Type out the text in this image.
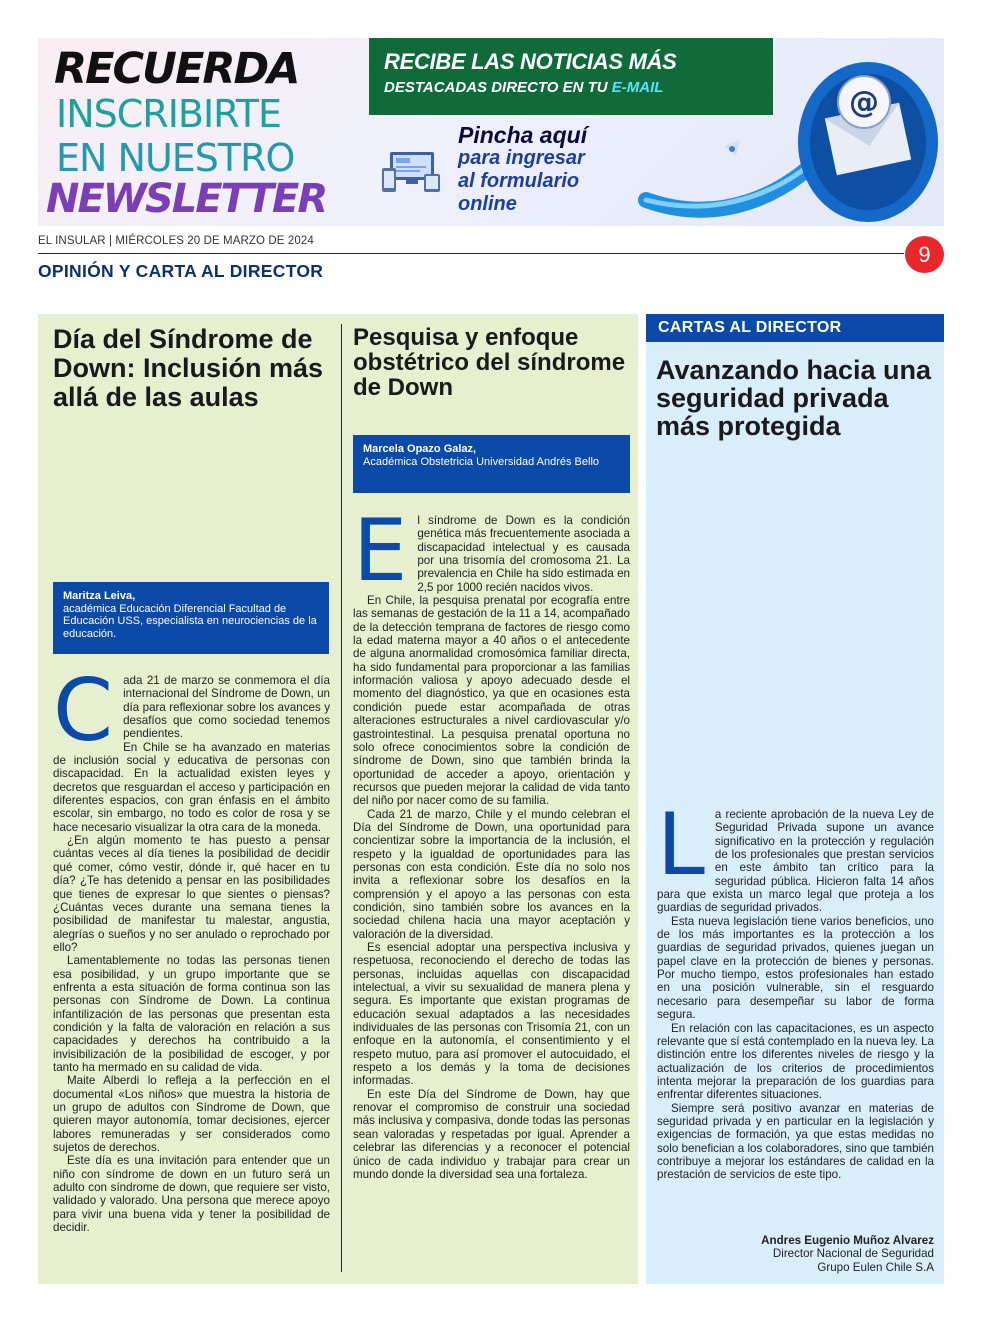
RECUERDA
INSCRIBIRTE
EN NUESTRO
NEWSLETTER
RECIBE LAS NOTICIAS MÁS
DESTACADAS DIRECTO EN TU E-MAIL
Pincha aquí
para ingresar
al formulario
online
@
EL INSULAR | MIÉRCOLES 20 DE MARZO DE 2024
OPINIÓN Y CARTA AL DIRECTOR
9
Día del Síndrome de Down: Inclusión más allá de las aulas
Maritza Leiva,
académica Educación Diferencial Facultad de Educación USS, especialista en neurociencias de la educación.
C ada 21 de marzo se conmemora el día internacional del Síndrome de Down, un día para reflexionar sobre los avances y desafíos que como sociedad tenemos pendientes.

En Chile se ha avanzado en materias de inclusión social y educativa de personas con discapacidad. En la actualidad existen leyes y decretos que resguardan el acceso y participación en diferentes espacios, con gran énfasis en el ámbito escolar, sin embargo, no todo es color de rosa y se hace necesario visualizar la otra cara de la moneda.

¿En algún momento te has puesto a pensar cuántas veces al día tienes la posibilidad de decidir qué comer, cómo vestir, dónde ir, qué hacer en tu día? ¿Te has detenido a pensar en las posibilidades que tienes de expresar lo que sientes o piensas? ¿Cuántas veces durante una semana tienes la posibilidad de manifestar tu malestar, angustia, alegrías o sueños y no ser anulado o reprochado por ello?

Lamentablemente no todas las personas tienen esa posibilidad, y un grupo importante que se enfrenta a esta situación de forma continua son las personas con Síndrome de Down. La continua infantilización de las personas que presentan esta condición y la falta de valoración en relación a sus capacidades y derechos ha contribuido a la invisibilización de la posibilidad de escoger, y por tanto ha mermado en su calidad de vida.

Maite Alberdi lo refleja a la perfección en el documental «Los niños» que muestra la historia de un grupo de adultos con Síndrome de Down, que quieren mayor autonomía, tomar decisiones, ejercer labores remuneradas y ser considerados como sujetos de derechos.

Este día es una invitación para entender que un niño con síndrome de down en un futuro será un adulto con síndrome de down, que requiere ser visto, validado y valorado. Una persona que merece apoyo para vivir una buena vida y tener la posibilidad de decidir.

Pesquisa y enfoque obstétrico del síndrome de Down
Marcela Opazo Galaz,
Académica Obstetricia Universidad Andrés Bello
E l síndrome de Down es la condición genética más frecuentemente asociada a discapacidad intelectual y es causada por una trisomía del cromosoma 21. La prevalencia en Chile ha sido estimada en 2,5 por 1000 recién nacidos vivos.

En Chile, la pesquisa prenatal por ecografía entre las semanas de gestación de la 11 a 14, acompañado de la detección temprana de factores de riesgo como la edad materna mayor a 40 años o el antecedente de alguna anormalidad cromosómica familiar directa, ha sido fundamental para proporcionar a las familias información valiosa y apoyo adecuado desde el momento del diagnóstico, ya que en ocasiones esta condición puede estar acompañada de otras alteraciones estructurales a nivel cardiovascular y/o gastrointestinal. La pesquisa prenatal oportuna no solo ofrece conocimientos sobre la condición de síndrome de Down, sino que también brinda la oportunidad de acceder a apoyo, orientación y recursos que pueden mejorar la calidad de vida tanto del niño por nacer como de su familia.

Cada 21 de marzo, Chile y el mundo celebran el Día del Síndrome de Down, una oportunidad para concientizar sobre la importancia de la inclusión, el respeto y la igualdad de oportunidades para las personas con esta condición. Este día no solo nos invita a reflexionar sobre los desafíos en la comprensión y el apoyo a las personas con esta condición, sino también sobre los avances en la sociedad chilena hacia una mayor aceptación y valoración de la diversidad.

Es esencial adoptar una perspectiva inclusiva y respetuosa, reconociendo el derecho de todas las personas, incluidas aquellas con discapacidad intelectual, a vivir su sexualidad de manera plena y segura. Es importante que existan programas de educación sexual adaptados a las necesidades individuales de las personas con Trisomía 21, con un enfoque en la autonomía, el consentimiento y el respeto mutuo, para así promover el autocuidado, el respeto a los demás y la toma de decisiones informadas.

En este Día del Síndrome de Down, hay que renovar el compromiso de construir una sociedad más inclusiva y compasiva, donde todas las personas sean valoradas y respetadas por igual. Aprender a celebrar las diferencias y a reconocer el potencial único de cada individuo y trabajar para crear un mundo donde la diversidad sea una fortaleza.

CARTAS AL DIRECTOR
Avanzando hacia una seguridad privada más protegida
L a reciente aprobación de la nueva Ley de Seguridad Privada supone un avance significativo en la protección y regulación de los profesionales que prestan servicios en este ámbito tan crítico para la seguridad pública. Hicieron falta 14 años para que exista un marco legal que proteja a los guardias de seguridad privados.

Esta nueva legislación tiene varios beneficios, uno de los más importantes es la protección a los guardias de seguridad privados, quienes juegan un papel clave en la protección de bienes y personas. Por mucho tiempo, estos profesionales han estado en una posición vulnerable, sin el resguardo necesario para desempeñar su labor de forma segura.

En relación con las capacitaciones, es un aspecto relevante que sí está contemplado en la nueva ley. La distinción entre los diferentes niveles de riesgo y la actualización de los criterios de procedimientos intenta mejorar la preparación de los guardias para enfrentar diferentes situaciones.

Siempre será positivo avanzar en materias de seguridad privada y en particular en la legislación y exigencias de formación, ya que estas medidas no solo benefician a los colaboradores, sino que también contribuye a mejorar los estándares de calidad en la prestación de servicios de este tipo.

Andres Eugenio Muñoz Alvarez
Director Nacional de Seguridad
Grupo Eulen Chile S.A
